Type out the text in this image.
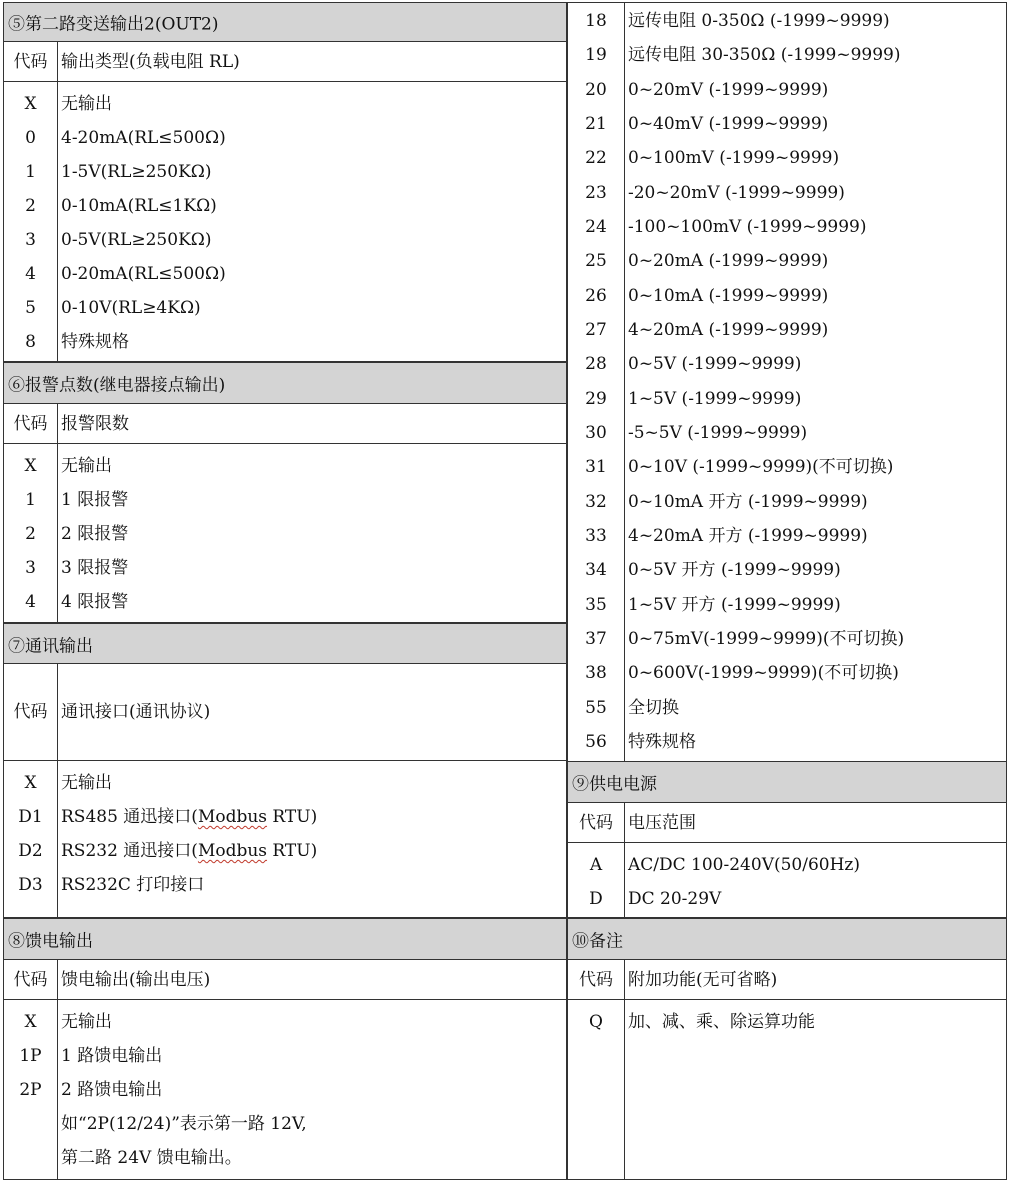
⑤第二路变送输出2(OUT2)
代码 输出类型(负载电阻 RL)
X	无输出
0	4-20mA(RL≤500Ω)
1	1-5V(RL≥250KΩ)
2	0-10mA(RL≤1KΩ)
3	0-5V(RL≥250KΩ)
4	0-20mA(RL≤500Ω)
5	0-10V(RL≥4KΩ)
8	特殊规格
⑥报警点数(继电器接点输出)
代码 报警限数
X	无输出
1	1 限报警
2	2 限报警
3	3 限报警
4	4 限报警
⑦通讯输出
代码 通讯接口(通讯协议)
X	无输出
D1	RS485 通迅接口(Modbus RTU)
D2	RS232 通迅接口(Modbus RTU)
D3	RS232C 打印接口
⑧馈电输出
代码 馈电输出(输出电压)
X	无输出
1P	1 路馈电输出
2P	2 路馈电输出
如“2P(12/24)”表示第一路 12V,
第二路 24V 馈电输出。
18	远传电阻 0-350Ω (-1999~9999)
19	远传电阻 30-350Ω (-1999~9999)
20	0~20mV (-1999~9999)
21	0~40mV (-1999~9999)
22	0~100mV (-1999~9999)
23	-20~20mV (-1999~9999)
24	-100~100mV (-1999~9999)
25	0~20mA (-1999~9999)
26	0~10mA (-1999~9999)
27	4~20mA (-1999~9999)
28	0~5V (-1999~9999)
29	1~5V (-1999~9999)
30	-5~5V (-1999~9999)
31	0~10V (-1999~9999)(不可切换)
32	0~10mA 开方 (-1999~9999)
33	4~20mA 开方 (-1999~9999)
34	0~5V 开方 (-1999~9999)
35	1~5V 开方 (-1999~9999)
37	0~75mV(-1999~9999)(不可切换)
38	0~600V(-1999~9999)(不可切换)
55	全切换
56	特殊规格
⑨供电电源
代码 电压范围
A	AC/DC 100-240V(50/60Hz)
D	DC 20-29V
⑩备注
代码 附加功能(无可省略)
Q	加、减、乘、除运算功能
